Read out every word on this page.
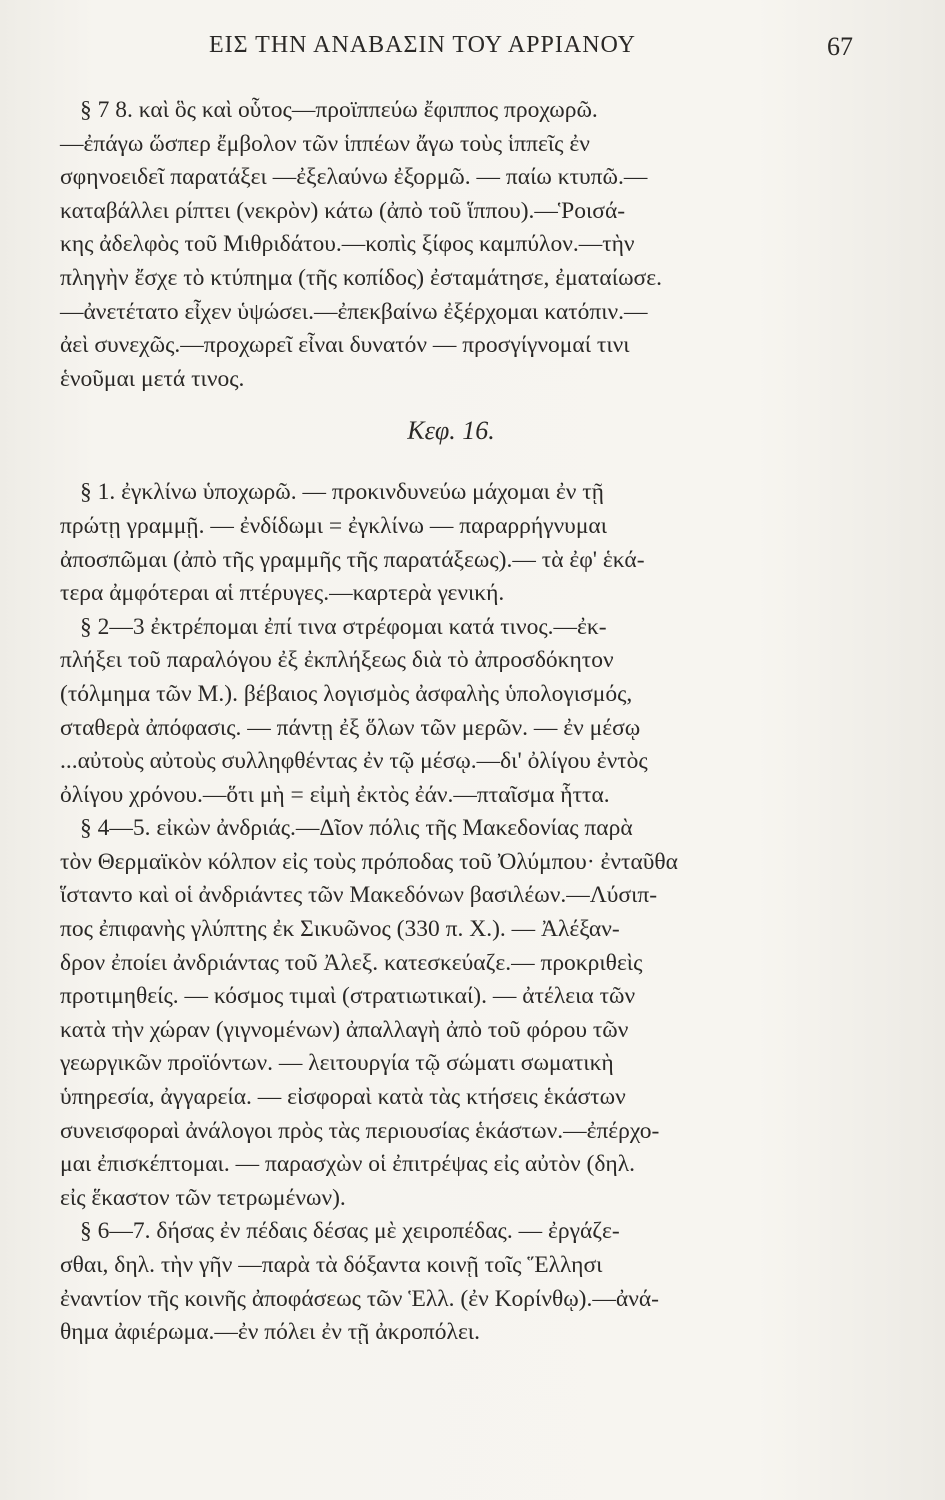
ΕΙΣ ΤΗΝ ΑΝΑΒΑΣΙΝ ΤΟΥ ΑΡΡΙΑΝΟΥ	67
§ 7 8. καὶ ὃς καὶ οὗτος—προϊππεύω ἔφιππος προχωρῶ.
—ἐπάγω ὥσπερ ἔμβολον τῶν ἱππέων ἄγω τοὺς ἱππεῖς ἐν
σφηνοειδεῖ παρατάξει —ἐξελαύνω ἐξορμῶ. — παίω κτυπῶ.—
καταβάλλει ρίπτει (νεκρὸν) κάτω (ἀπὸ τοῦ ἵππου).—Ῥοισά-
κης ἀδελφὸς τοῦ Μιθριδάτου.—κοπὶς ξίφος καμπύλον.—τὴν
πληγὴν ἔσχε τὸ κτύπημα (τῆς κοπίδος) ἐσταμάτησε, ἐματαίωσε.
—ἀνετέτατο εἶχεν ὑψώσει.—ἐπεκβαίνω ἐξέρχομαι κατόπιν.—
ἀεὶ συνεχῶς.—προχωρεῖ εἶναι δυνατόν — προσγίγνομαί τινι
ἑνοῦμαι μετά τινος.
Κεφ. 16.
§ 1. ἐγκλίνω ὑποχωρῶ. — προκινδυνεύω μάχομαι ἐν τῇ
πρώτῃ γραμμῇ. — ἐνδίδωμι = ἐγκλίνω — παραρρήγνυμαι
ἀποσπῶμαι (ἀπὸ τῆς γραμμῆς τῆς παρατάξεως).— τὰ ἐφ' ἑκά-
τερα ἀμφότεραι αἱ πτέρυγες.—καρτερὰ γενική.
§ 2—3 ἐκτρέπομαι ἐπί τινα στρέφομαι κατά τινος.—ἐκ-
πλήξει τοῦ παραλόγου ἐξ ἐκπλήξεως διὰ τὸ ἀπροσδόκητον
(τόλμημα τῶν Μ.). βέβαιος λογισμὸς ἀσφαλὴς ὑπολογισμός,
σταθερὰ ἀπόφασις. — πάντῃ ἐξ ὅλων τῶν μερῶν. — ἐν μέσῳ
...αὐτοὺς αὐτοὺς συλληφθέντας ἐν τῷ μέσῳ.—δι' ὀλίγου ἐντὸς
ὀλίγου χρόνου.—ὅτι μὴ = εἰμὴ ἐκτὸς ἐάν.—πταῖσμα ἧττα.
§ 4—5. εἰκὼν ἀνδριάς.—Δῖον πόλις τῆς Μακεδονίας παρὰ
τὸν Θερμαϊκὸν κόλπον εἰς τοὺς πρόποδας τοῦ Ὀλύμπου· ἐνταῦθα
ἵσταντο καὶ οἱ ἀνδριάντες τῶν Μακεδόνων βασιλέων.—Λύσιπ-
πος ἐπιφανὴς γλύπτης ἐκ Σικυῶνος (330 π. Χ.). — Ἀλέξαν-
δρον ἐποίει ἀνδριάντας τοῦ Ἀλεξ. κατεσκεύαζε.— προκριθεὶς
προτιμηθείς. — κόσμος τιμαὶ (στρατιωτικαί). — ἀτέλεια τῶν
κατὰ τὴν χώραν (γιγνομένων) ἀπαλλαγὴ ἀπὸ τοῦ φόρου τῶν
γεωργικῶν προϊόντων. — λειτουργία τῷ σώματι σωματικὴ
ὑπηρεσία, ἀγγαρεία. — εἰσφοραὶ κατὰ τὰς κτήσεις ἑκάστων
συνεισφοραὶ ἀνάλογοι πρὸς τὰς περιουσίας ἑκάστων.—ἐπέρχο-
μαι ἐπισκέπτομαι. — παρασχὼν οἱ ἐπιτρέψας εἰς αὐτὸν (δηλ.
εἰς ἕκαστον τῶν τετρωμένων).
§ 6—7. δήσας ἐν πέδαις δέσας μὲ χειροπέδας. — ἐργάζε-
σθαι, δηλ. τὴν γῆν —παρὰ τὰ δόξαντα κοινῇ τοῖς Ἕλλησι
ἐναντίον τῆς κοινῆς ἀποφάσεως τῶν Ἑλλ. (ἐν Κορίνθῳ).—ἀνά-
θημα ἀφιέρωμα.—ἐν πόλει ἐν τῇ ἀκροπόλει.
